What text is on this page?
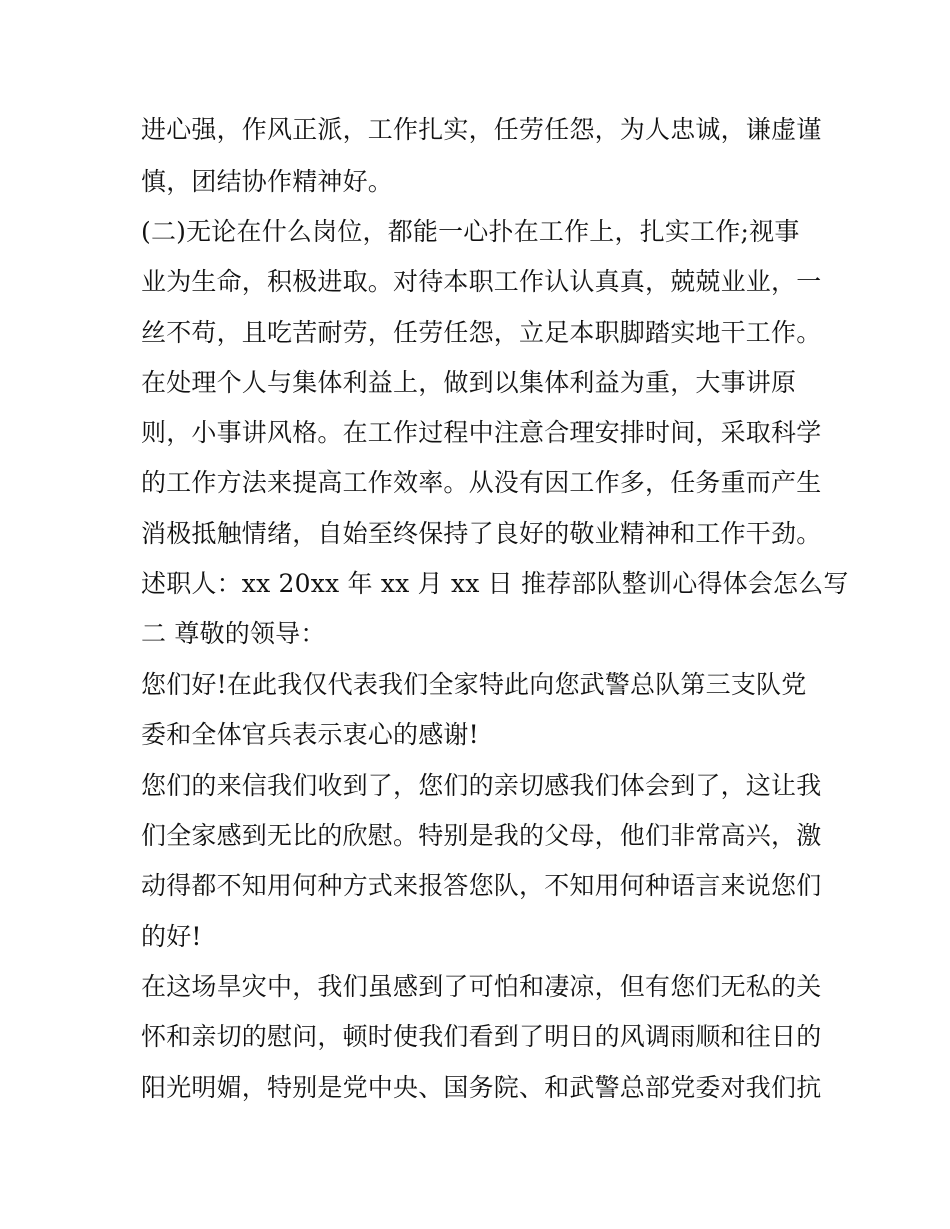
进心强，作风正派，工作扎实，任劳任怨，为人忠诚，谦虚谨
慎，团结协作精神好。
(二)无论在什么岗位，都能一心扑在工作上，扎实工作;视事
业为生命，积极进取。对待本职工作认认真真，兢兢业业，一
丝不苟，且吃苦耐劳，任劳任怨，立足本职脚踏实地干工作。
在处理个人与集体利益上，做到以集体利益为重，大事讲原
则，小事讲风格。在工作过程中注意合理安排时间，采取科学
的工作方法来提高工作效率。从没有因工作多，任务重而产生
消极抵触情绪，自始至终保持了良好的敬业精神和工作干劲。
述职人：xx 20xx 年 xx 月 xx 日 推荐部队整训心得体会怎么写
二 尊敬的领导：
您们好!在此我仅代表我们全家特此向您武警总队第三支队党
委和全体官兵表示衷心的感谢!
您们的来信我们收到了，您们的亲切感我们体会到了，这让我
们全家感到无比的欣慰。特别是我的父母，他们非常高兴，激
动得都不知用何种方式来报答您队，不知用何种语言来说您们
的好!
在这场旱灾中，我们虽感到了可怕和凄凉，但有您们无私的关
怀和亲切的慰问，顿时使我们看到了明日的风调雨顺和往日的
阳光明媚，特别是党中央、国务院、和武警总部党委对我们抗
